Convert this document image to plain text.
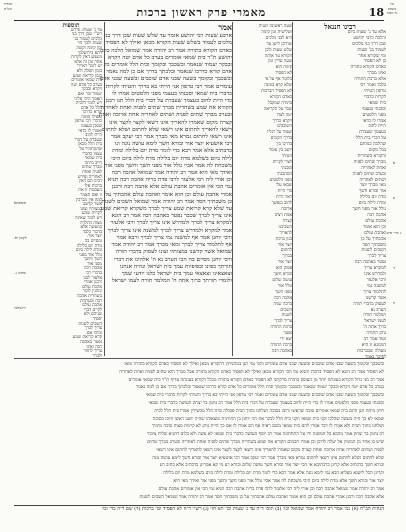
18
מאמרי פרק ראשון ברכות
עין משפט
נר מצוה
מסורת
הש"ס
רבינו חננאל
אלא עד ג' שעות ביום
והלכה כרבי יהושע
שכן דרך בני מלכים
לעמוד בג' שעות
ומי שקורא אחר
כן לא הפסיד
כאדם הקורא בתורה
ואינו מברך
אלא ברכת התורה
בלבד ואמר רבי
טרפון הטיתי
לקרות כדברי
בית שמאי
וסכנתי בעצמי
מפני הלסטים
אמרו לו כדאי
היית לחוב
בעצמך שעברת
על דברי בית הלל
שהלכה כמותם
בכל מקום
והקורא בשחרית
מברך שתים לפניה
ואחת לאחריה
ובערב שתים לפניה
ושתים לאחריה
מאי מברך יוצר
אור ובורא חשך
מדת יום בלילה
ומדת לילה ביום
גולל אור מפני חשך
אהבה רבה
אהבת עולם
וכן הוא אומר
ואהבת עולם
אהבתיך על כן
משכתיך חסד
השכים לשנות
צריך לברך
נפטר באהבה רבה
למקרא צריך
ולמדרש אינו
ורבי אלעזר
למשנה נמי
לתלמוד צריך
אשר קדשנו
לעסוק בדברי תורה
הערב נא
המלמד תורה
לעמו ישראל
ברוך אתה ה'
נותן התורה
ועוד אמר רב
המנונא זו היא
מעולה שבברכות
לפיכך נאמר
שעה ראשונה ושניה
ושלישית זמן קימה
היא לבני מלכים
שדרכן לישן עד
שלש שעות ולכן
הקורא עד אותה
שעה עדיין זמן
קימה הוא
לא הפסיד
כלומר אף על פי
שלא קרא בזמנה
לא הפסיד הברכות
כאדם הקורא
בתורה שמקבל
שכר על הקריאה
יטה לצדו
ויקרא כדרך
השוכבים
יעמוד על רגליו
כדרך הקמים
כדרכו בין
יושב בין עומד
הטיתי
לצדי לקרות
וסכנתי
הסתכנתי
מפני הלסטים
שבאו עלי
כדי היית
ראוי היית
לחוב בנפשך
ארוכה
אמת ויציב
קצרה
השכיבנו
להאריך
כגון ברכת
יוצר אור
לחתום
בברוך
יוצר אור
פסוק הוא
ובורא חשך
עושה שלום
גולל אור
מפני חשך
אהבה רבה
ברכה שניה
השכים
לשנות
צריך לברך
ברכת התורה
נפטר
יצא ידי
ברכת התורה
באהבה רבה
אמר
ארבע שעות רבי יהושע אומר עד שלש שעות שכן דרך בני
מלכים לעמוד בשלש שעות הקורא מכאן ואילך לא הפסיד
כאדם הקורא בתורה אמר רב יהודה אמר שמואל הלכה כרבי
יהושע ת"ר בית שמאי אומרים בערב כל אדם יטה ויקרא
ובבקר יעמוד שנאמר ובשכבך ובקומך ובית הלל אומרים כל
אדם קורא כדרכו שנאמר ובלכתך בדרך אם כן למה נאמר
ובשכבך ובקומך בשעה שבני אדם שוכבים ובשעה שבני אדם
עומדים אמר רבי טרפון אני הייתי בא בדרך והטיתי לקרות
כדברי בית שמאי וסכנתי בעצמי מפני הלסטים אמרו לו
כדי היית לחוב בעצמך שעברת על דברי בית הלל תנו רבנן
הקורא את שמע בשחרית מברך שתים לפניה ואחת לאחריה
ובערב מברך שתים לפניה ושתים לאחריה אחת ארוכה ואחת
קצרה מקום שאמרו להאריך אינו רשאי לקצר לקצר אינו
רשאי להאריך לחתום אינו רשאי שלא לחתום ושלא לחתום
אינו רשאי לחתום גמרא מאי מברך אמר רבי יעקב אמר
רבי אושעיא יוצר אור ובורא חשך לימא עושה נוגה וגו
כדכתיב אלא אמר רבא כדי לומר מדת יום בלילה ומדת
לילה ביום בשלמא מדת יום בלילה מדת לילה ביום היכי
משכחת לה אמר אביי גולל אור מפני חשך וחשך מפני אור
ואידך מאי היא אמר רב יהודה אמר שמואל אהבה רבה
וכן אורי ליה רבי אלעזר לרבי פדת בריה אהבה רבה תניא
נמי הכי אין אומרים אהבת עולם אלא אהבה רבה ורבנן
אמרי אהבת עולם וכן הוא אומר ואהבת עולם אהבתיך על
כן משכתיך חסד אמר רב יהודה אמר שמואל השכים לשנות
עד שלא קרא קריאת שמע צריך לברך משקרא קריאת שמע
אינו צריך לברך שכבר נפטר באהבה רבה אמר רב הונא
למקרא צריך לברך ולמדרש אינו צריך לברך ורבי אלעזר
אמר למקרא ולמדרש צריך לברך למשנה אינו צריך לברך
ורבי יוחנן אמר אף למשנה נמי צריך לברך ורבא אמר
אף לתלמוד צריך לברך ומאי מברך אמר רב יהודה אמר
שמואל אשר קדשנו במצותיו וצונו לעסוק בדברי תורה
ורבי יוחנן מסיים בה הכי הערב נא ה' אלהינו את דברי
תורתך בפינו ובפיפיות עמך בית ישראל ונהיה אנחנו
וצאצאינו וצאצאי עמך בית ישראל כלנו יודעי שמך
ולומדי תורתך ברוך אתה ה' המלמד תורה לעמו ישראל
תוספות
עד ג' שעות. פירש
רש"י שכן דרך בני
מלכים לעמוד בג'
שעות ולכך הוי
זמן קימה וקשה
דהא בירושלמי
משמע דאין לקרות
אחר זמן זה אלא
יש לומר דאיירי
בזמן תפלה ולא
בזמן קריאת שמע
בית שמאי אומרים
בערב כל אדם יטה
ויקרא ובבקר
יעמוד וכו' ואם
תאמר היכי פליגי
ויש לומר דלבית
הלל כל אדם
קורא כדרכו
ואפילו מוטה
כדברי רבי טרפון
שסכן בעצמו
ואמרו לו כדאי
היית לחוב
שעברת על דברי
בית הלל מכאן
שהמחמיר על
עצמו כדברי
בית שמאי
חייב מיתה
מברך שתים
לפניה ואחת
לאחריה ופירש
רבינו תם דאין
ברכות אלו
מעכבות זו את
זו ואם תאמר
למה אין מברכין
אשר קדשנו
במצותיו וצונו
לקרות שמע
ויש לומר שאינה
מצוה התלויה
במעשה אלא
בדבור בלבד
יוצר אור.
ומסיים בה
מדת יום בלילה
ומדת לילה ביום
גולל אור מפני
חשך וחשך
מפני אור
אהבה רבה
כדברי רבי
אלעזר לבנו
ורבנן אמרי
אהבת עולם
ונוהגין לומר
בשחרית אהבה
רבה ובערבית
אהבת עולם
לקיים דברי
שניהם ולא
יפסיד
השכים לשנות
צריך לברך
ומיהו אם
קרא קריאת שמע
נפטר באהבה
רבה ואינו
צריך לחזור
ולברך
א
ב
ג מיי׳ פ״ב
ד
ה
תוספתא
לקמן יא.
סוכה ג.
ירושלמי
ובשכבך ובקומך בשעה שבני אדם שוכבים ובשעה שבני אדם עומדים והכי נמי תנן במתניתין דהקורא מכאן ואילך לא הפסיד כאדם הקורא בתורה ומאי
לא הפסיד אמר רב הונא לא הפסיד ברכות ותניא נמי הכי הקורא מכאן ואילך לא הפסיד כאדם הקורא בתורה אבל מברך הוא שתים לפניה ואחת לאחריה
אמר רב מני גדול הקורא בעונתה יותר מן העוסק בתורה מדקתני לא הפסיד כאדם הקורא בתורה מכלל דקורא בעונתה עדיף ת"ר בית שמאי אומרים
בערב כל אדם יטה ויקרא ובבקר יעמוד שנאמר ובשכבך ובקומך ובית הלל אומרים כל אדם קורא כדרכו שנאמר ובלכתך בדרך אם כן למה נאמר
ובשכבך ובקומך בשעה שבני אדם שוכבים ובשעה שבני אדם עומדים ואמר רבי טרפון אני הייתי בא בדרך והטיתי לקרות כדברי בית שמאי
וסכנתי בעצמי מפני הלסטים אמרו לו כדי היית לחוב בעצמך שעברת על דברי בית הלל אמר רב נחמן בר יצחק העושה כדברי בית שמאי
חייב מיתה תנן התם בית שמאי אומרים סוכה שראשו ורובו בסוכה ושלחנו בתוך הבית פסולה ובית הלל מכשירין אמרו בית הלל לבית
שמאי לא כך היה מעשה שהלכו זקני בית שמאי וזקני בית הלל לבקר את רבי יוחנן בן החורנית ומצאוהו שהיה יושב ראשו ורובו בסוכה
ושלחנו בתוך הבית ולא אמרו לו דבר אמרו להם בית שמאי משם ראיה אף הם אמרו לו אם כך היית נוהג לא קיימת מצות סוכה מימיך
רב נחמן בר יצחק אמר מהכא כל המשנה ידו על התחתונה אמר רב יוסף העושה כדברי בית שמאי לא עשה ולא כלום דתניא שליח ציבור
שיש בו אחד מן המומין אל יעלה לדוכן וכן אמרו חכמים הקורא את שמע בשחרית מברך שתים לפניה ואחת לאחריה ובערב מברך שתים
לפניה ושתים לאחריה אחת ארוכה ואחת קצרה מקום שאמרו להאריך אינו רשאי לקצר לקצר אינו רשאי להאריך לחתום אינו רשאי
שלא לחתום ושלא לחתום אינו רשאי לחתום גמרא מאי מברך אמר רבי יעקב אמר רבי אושעיא יוצר אור ובורא חשך לימא עושה נוגה
ובורא חשך כדכתיב אלא קרינן כדכתיבא אי הכי יוצר אור ובורא חשך עושה שלום ובורא רע מי קא אמרינן כדכתיב אלא כתיב רע
וקרינן הכל לישנא מעליא הכא נמי לימא נוגה אלא אמר רבא כדי לומר מדת יום בלילה ומדת לילה ביום בשלמא מדת יום בלילה
יוצר אור ובורא חשך אלא מדת לילה ביום היכי משכחת לה אמר אביי גולל אור מפני חשך וחשך מפני אור ואידך מאי היא
אמר רב יהודה אמר שמואל אהבה רבה וכן אורי ליה רבי אלעזר לרבי פדת בריה אהבה רבה תניא נמי הכי אין אומרים אהבת עולם
אלא אהבה רבה ורבנן אמרי אהבת עולם וכן הוא אומר ואהבת עולם אהבתיך על כן משכתיך חסד אמר רב יהודה אמר שמואל השכים לשנות
הגהות הב"ח (א) גמ׳ אמר רב יהודה אמר שמואל וכו׳ (ב) תוס׳ ד״ה עד ג׳ שעות וכו׳ תא חזי (ג) רש״י ד״ה לא הפסיד וכו׳ ברכות (ד) שם ד״ה כדי וכו׳
